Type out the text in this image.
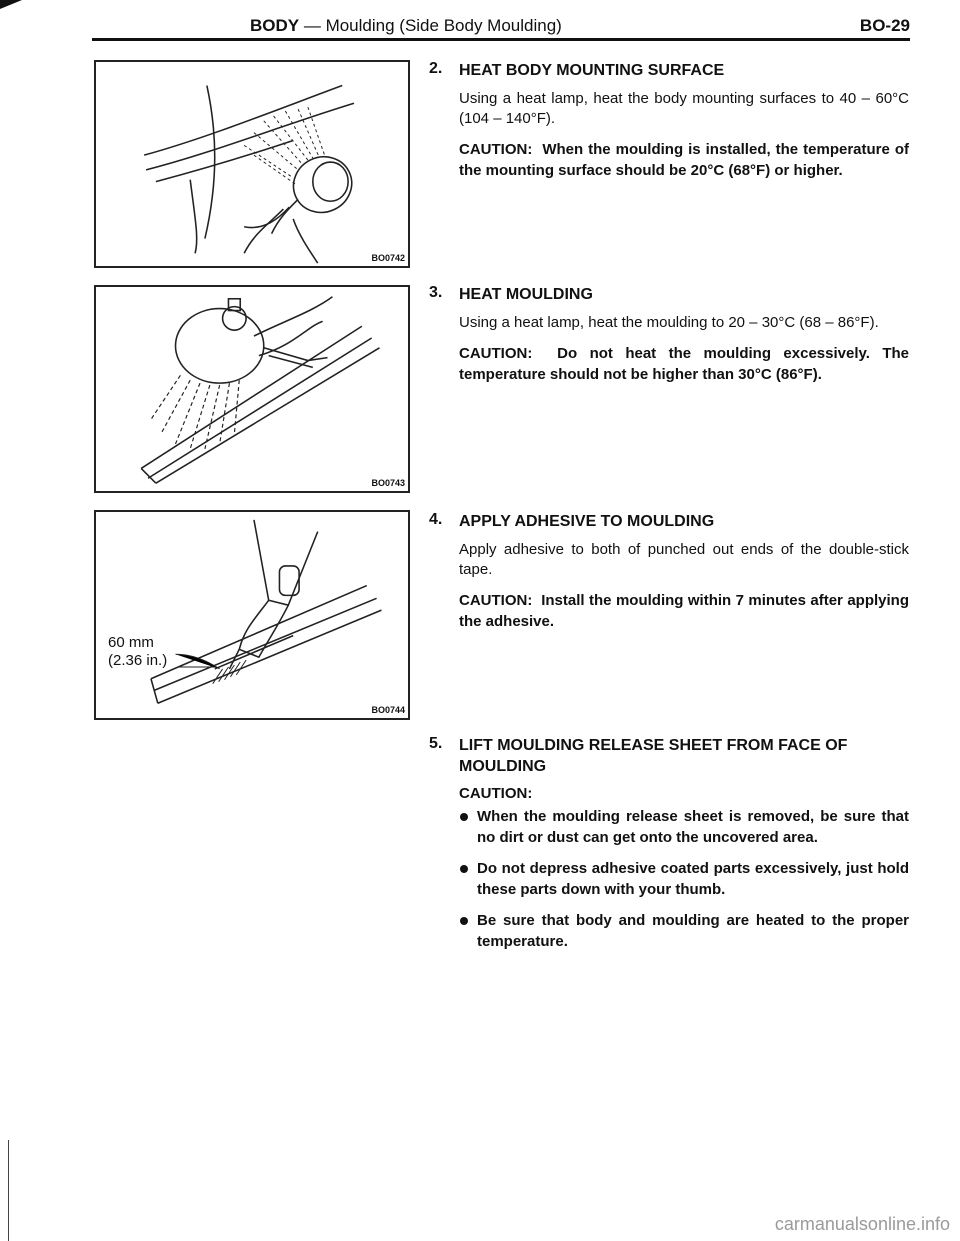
BODY — Moulding (Side Body Moulding)	BO-29
BO0742
BO0743
BO0744
60 mm
(2.36 in.)
2. HEAT BODY MOUNTING SURFACE

Using a heat lamp, heat the body mounting surfaces to 40 – 60°C (104 – 140°F).

CAUTION: When the moulding is installed, the temperature of the mounting surface should be 20°C (68°F) or higher.

3. HEAT MOULDING

Using a heat lamp, heat the moulding to 20 – 30°C (68 – 86°F).

CAUTION: Do not heat the moulding excessively. The temperature should not be higher than 30°C (86°F).

4. APPLY ADHESIVE TO MOULDING

Apply adhesive to both of punched out ends of the double-stick tape.

CAUTION: Install the moulding within 7 minutes after applying the adhesive.

5. LIFT MOULDING RELEASE SHEET FROM FACE OF MOULDING

CAUTION:

When the moulding release sheet is removed, be sure that no dirt or dust can get onto the uncovered area.
Do not depress adhesive coated parts excessively, just hold these parts down with your thumb.
Be sure that body and moulding are heated to the proper temperature.
carmanualsonline.info
